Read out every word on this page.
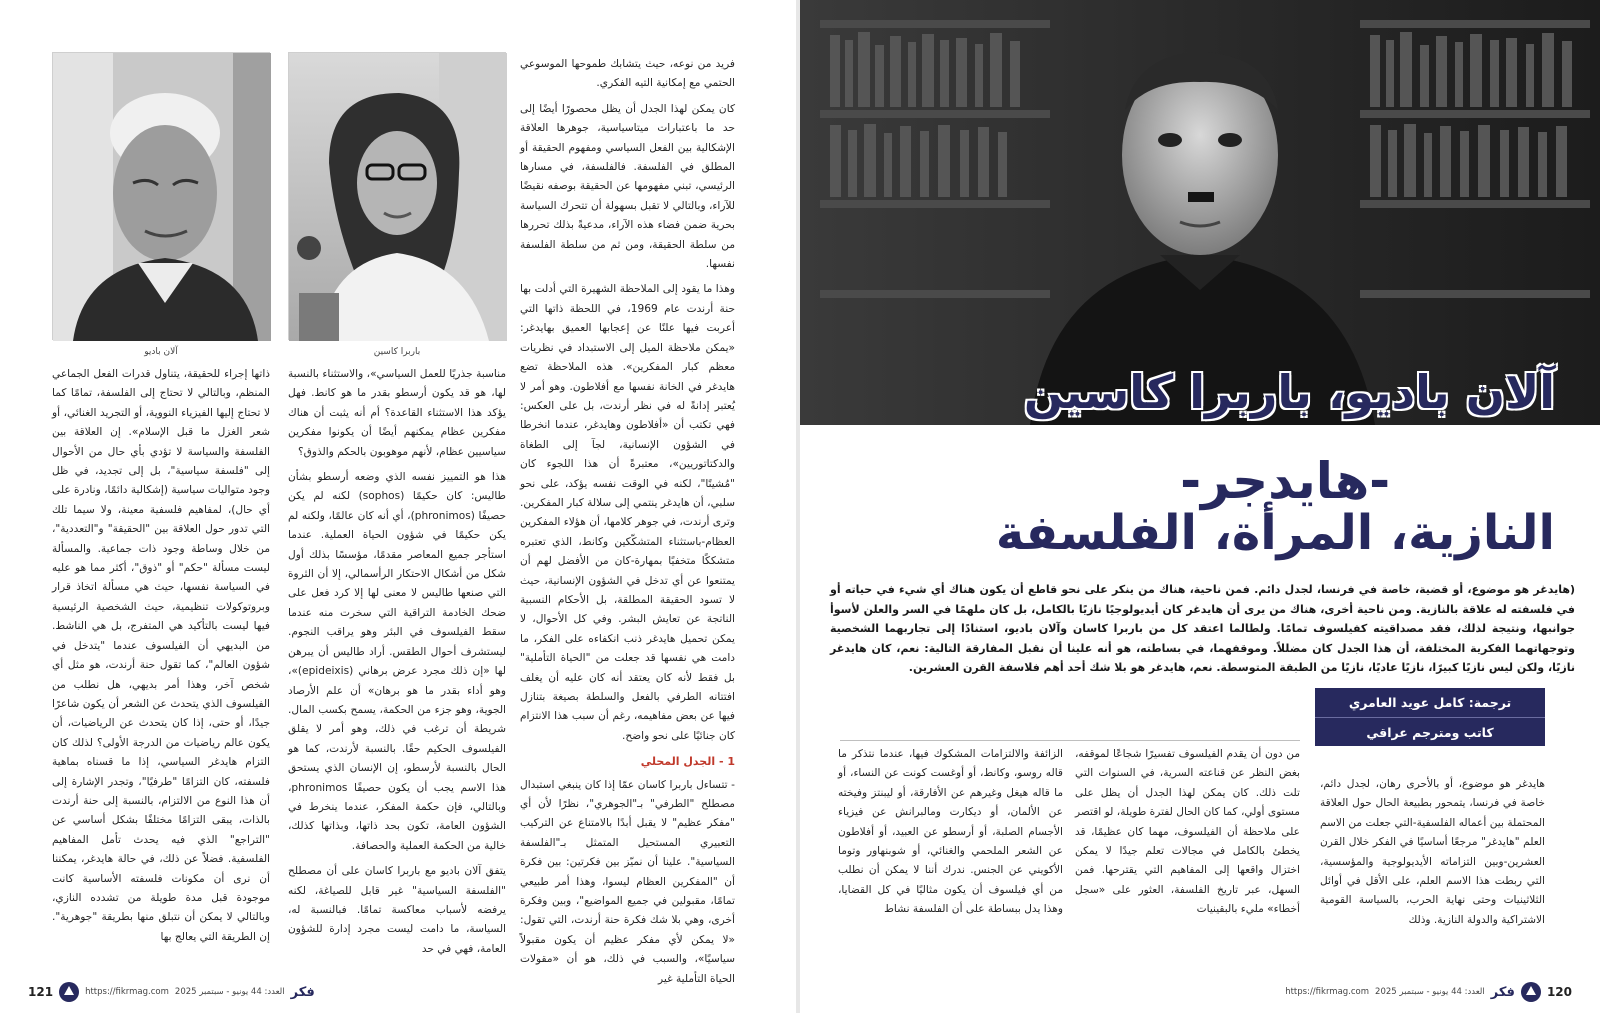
فريد من نوعه، حيث يتشابك طموحها الموسوعي الحتمي مع إمكانية التيه الفكري.

كان يمكن لهذا الجدل أن يظل محصورًا أيضًا إلى حد ما باعتبارات ميتاسياسية، جوهرها العلاقة الإشكالية بين الفعل السياسي ومفهوم الحقيقة أو المطلق في الفلسفة. فالفلسفة، في مسارها الرئيسي، تبني مفهومها عن الحقيقة بوصفه نقيضًا للآراء، وبالتالي لا تقبل بسهولة أن تتحرك السياسة بحرية ضمن فضاء هذه الآراء، مدعيةً بذلك تحررها من سلطة الحقيقة، ومن ثم من سلطة الفلسفة نفسها.

وهذا ما يقود إلى الملاحظة الشهيرة التي أدلت بها حنة أرندت عام 1969، في اللحظة ذاتها التي أعربت فيها علنًا عن إعجابها العميق بهايدغر: «يمكن ملاحظة الميل إلى الاستبداد في نظريات معظم كبار المفكرين». هذه الملاحظة تضع هايدغر في الخانة نفسها مع أفلاطون. وهو أمر لا يُعتبر إدانةً له في نظر أرندت، بل على العكس: فهي تكتب أن «أفلاطون وهايدغر، عندما انخرطا في الشؤون الإنسانية، لجآ إلى الطغاة والدكتاتوريين»، معتبرةً أن هذا اللجوء كان "مُشينًا"، لكنه في الوقت نفسه يؤكد، على نحو سلبي، أن هايدغر ينتمي إلى سلالة كبار المفكرين. وترى أرندت، في جوهر كلامها، أن هؤلاء المفكرين العظام-باستثناء المتشكّكين وكانط، الذي تعتبره متشككًا متخفيًا بمهارة-كان من الأفضل لهم أن يمتنعوا عن أي تدخل في الشؤون الإنسانية، حيث لا تسود الحقيقة المطلقة، بل الأحكام النسبية الناتجة عن تعايش البشر. وفي كل الأحوال، لا يمكن تحميل هايدغر ذنب انكفاءه على الفكر، ما دامت هي نفسها قد جعلت من "الحياة التأملية" بل فقط لأنه كان يعتقد أنه كان عليه أن يغلف افتتانه الطرفي بالفعل والسلطة بصيغة بتنازل فيها عن بعض مفاهيمه، رغم أن سبب هذا الانتزام كان جنائيًا على نحو واضح.

1 - الجدل المحلي

- تتساءل باربرا كاسان عمّا إذا كان ينبغي استبدال مصطلح "الطرفي" بـ"الجوهري"، نظرًا لأن أي "مفكر عظيم" لا يقبل أبدًا بالامتناع عن التركيب التعبيري المستحيل المتمثل بـ"الفلسفة السياسية". علينا أن نميّز بين فكرتين: بين فكرة أن "المفكرين العظام ليسوا، وهذا أمر طبيعي تمامًا، مقبولين في جميع المواضيع"، وبين وفكرة أخرى، وهي بلا شك فكرة حنة أرندت، التي تقول: «لا يمكن لأي مفكر عظيم أن يكون مقبولاً سياسيًا»، والسبب في ذلك، هو أن «مقولات الحياة التأملية غير

باربرا كاسين
آلان باديو

مناسبة جذريًا للعمل السياسي»، والاستثناء بالنسبة لها، هو قد يكون أرسطو بقدر ما هو كانط. فهل يؤكد هذا الاستثناء القاعدة؟ أم أنه يثبت أن هناك مفكرين عظام يمكنهم أيضًا أن يكونوا مفكرين سياسيين عظام، لأنهم موهوبون بالحكم والذوق؟

هذا هو التمييز نفسه الذي وضعه أرسطو بشأن طاليس: كان حكيمًا (sophos) لكنه لم يكن حصيفًا (phronimos)، أي أنه كان عالمًا، ولكنه لم يكن حكيمًا في شؤون الحياة العملية. عندما استأجر جميع المعاصر مقدمًا، مؤسسًا بذلك أول شكل من أشكال الاحتكار الرأسمالي، إلا أن الثروة التي صنعها طاليس لا معنى لها إلا كرد فعل على ضحك الخادمة التراقية التي سخرت منه عندما سقط الفيلسوف في البئر وهو يراقب النجوم. ليستشرف أحوال الطقس. أراد طاليس أن يبرهن لها «إن ذلك مجرد عرض برهاني (epideixis)»، وهو أداء بقدر ما هو برهان» أن علم الأرصاد الجوية، وهو جزء من الحكمة، يسمح بكسب المال. شريطة أن ترغب في ذلك، وهو أمر لا يقلق الفيلسوف الحكيم حقًا. بالنسبة لأرندت، كما هو الحال بالنسبة لأرسطو، إن الإنسان الذي يستحق هذا الاسم يجب أن يكون حصيفًا phronimos، وبالتالي، فإن حكمة المفكر، عندما ينخرط في الشؤون العامة، تكون بحد ذاتها، وبذاتها كذلك، خالية من الحكمة العملية والحصافة.

يتفق آلان باديو مع باربرا كاسان على أن مصطلح "الفلسفة السياسية" غير قابل للصياغة، لكنه يرفضه لأسباب معاكسة تمامًا. فبالنسبة له، السياسة، ما دامت ليست مجرد إدارة للشؤون العامة، فهي في حد

ذاتها إجراء للحقيقة، يتناول قدرات الفعل الجماعي المنظم، وبالتالي لا تحتاج إلى الفلسفة، تمامًا كما لا تحتاج إليها الفيزياء النووية، أو التجريد الغنائي، أو شعر الغزل ما قبل الإسلام». إن العلاقة بين الفلسفة والسياسة لا تؤدي بأي حال من الأحوال إلى "فلسفة سياسية"، بل إلى تجديد، في ظل وجود متواليات سياسية (إشكالية دائمًا، ونادرة على أي حال)، لمفاهيم فلسفية معينة، ولا سيما تلك التي تدور حول العلاقة بين "الحقيقة" و"التعددية"، من خلال وساطة وجود ذات جماعية. والمسألة ليست مسألة "حكم" أو "ذوق"، أكثر مما هو عليه في السياسة نفسها، حيث هي مسألة اتخاذ قرار وبروتوكولات تنظيمية، حيث الشخصية الرئيسية فيها ليست بالتأكيد هي المتفرج، بل هي الناشط. من البديهي أن الفيلسوف عندما "يتدخل في شؤون العالم"، كما تقول حنة أرندت، هو مثل أي شخص آخر، وهذا أمر بديهي، هل نطلب من الفيلسوف الذي يتحدث عن الشعر أن يكون شاعرًا جيدًا، أو حتى، إذا كان يتحدث عن الرياضيات، أن يكون عالم رياضيات من الدرجة الأولى؟ لذلك كان التزام هايدغر السياسي، إذا ما قسناه بماهية فلسفته، كان التزامًا "طرفيًا"، وتجدر الإشارة إلى أن هذا النوع من الالتزام، بالنسبة إلى حنة أرندت بالذات، يبقى التزامًا مختلفًا بشكل أساسي عن "التراجع" الذي فيه يحدث تأمل المفاهيم الفلسفية. فضلاً عن ذلك، في حالة هايدغر، يمكننا أن نرى أن مكونات فلسفته الأساسية كانت موجودة قبل مدة طويلة من تشدده النازي، وبالتالي لا يمكن أن نتبلق منها بطريقة "جوهرية". إن الطريقة التي يعالج بها

121	https://fikrmag.com العدد: 44 يونيو - سبتمبر 2025 فكر
آلان باديو، باربرا كاسين
-هايدجر-
النازية، المرأة، الفلسفة
(هايدغر هو موضوع، أو قضية، خاصة في فرنسا، لجدل دائم. فمن ناحية، هناك من ينكر على نحو قاطع أن يكون هناك أي شيء في حياته أو في فلسفته له علاقة بالنازية. ومن ناحية أخرى، هناك من يرى أن هايدغر كان أيديولوجيًا نازيًا بالكامل، بل كان ملهمًا في السر والعلن لأسوأ جوانبها، ونتيجة لذلك، فقد مصداقيته كفيلسوف تمامًا. ولطالما اعتقد كل من باربرا كاسان وآلان باديو، استنادًا إلى تجاربهما الشخصية وتوجهاتهما الفكرية المختلفة، أن هذا الجدل كان مضللاً. وموقفهما، في بساطته، هو أنه علينا أن نقبل المفارقة التالية: نعم، كان هايدغر نازيًا، ولكن ليس نازيًا كبيرًا، نازيًا عاديًا، نازيًا من الطبقة المتوسطة. نعم، هايدغر هو بلا شك أحد أهم فلاسفة القرن العشرين.
ترجمة: كامل عويد العامري
كاتب ومترجم عراقي

هايدغر هو موضوع، أو بالأحرى رهان، لجدل دائم، خاصة في فرنسا، يتمحور بطبيعة الحال حول العلاقة المحتملة بين أعماله الفلسفية-التي جعلت من الاسم العلم "هايدغر" مرجعًا أساسيًا في الفكر خلال القرن العشرين-وبين التزاماته الأيديولوجية والمؤسسية، التي ربطت هذا الاسم العلم، على الأقل في أوائل الثلاثينيات وحتى نهاية الحرب، بالسياسة القومية الاشتراكية والدولة النازية. وذلك

من دون أن يقدم الفيلسوف تفسيرًا شجاعًا لموقفه، بغض النظر عن قناعته السرية، في السنوات التي تلت ذلك. كان يمكن لهذا الجدل أن يظل على مستوى أولي، كما كان الحال لفترة طويلة، لو اقتصر على ملاحظة أن الفيلسوف، مهما كان عظيمًا، قد يخطئ بالكامل في مجالات تعلم جيدًا لا يمكن اختزال واقعها إلى المفاهيم التي يقترحها. فمن السهل، عبر تاريخ الفلسفة، العثور على «سجل أخطاء» مليء بالبقينيات

الزائفة والالتزامات المشكوك فيها، عندما نتذكر ما قاله روسو، وكانط، أو أوغست كونت عن النساء، أو ما قاله هيغل وغيرهم عن الأفارقة، أو ليبنتز وفيخته عن الألمان، أو ديكارت ومالبرانش عن فيزياء الأجسام الصلبة، أو أرسطو عن العبيد، أو أفلاطون عن الشعر الملحمي والغنائي، أو شوبنهاور وتوما الأكويني عن الجنس. ندرك أننا لا يمكن أن نطلب من أي فيلسوف أن يكون مثاليًا في كل القضايا، وهذا يدل ببساطة على أن الفلسفة نشاط

https://fikrmag.com العدد: 44 يونيو - سبتمبر 2025 فكر	120
